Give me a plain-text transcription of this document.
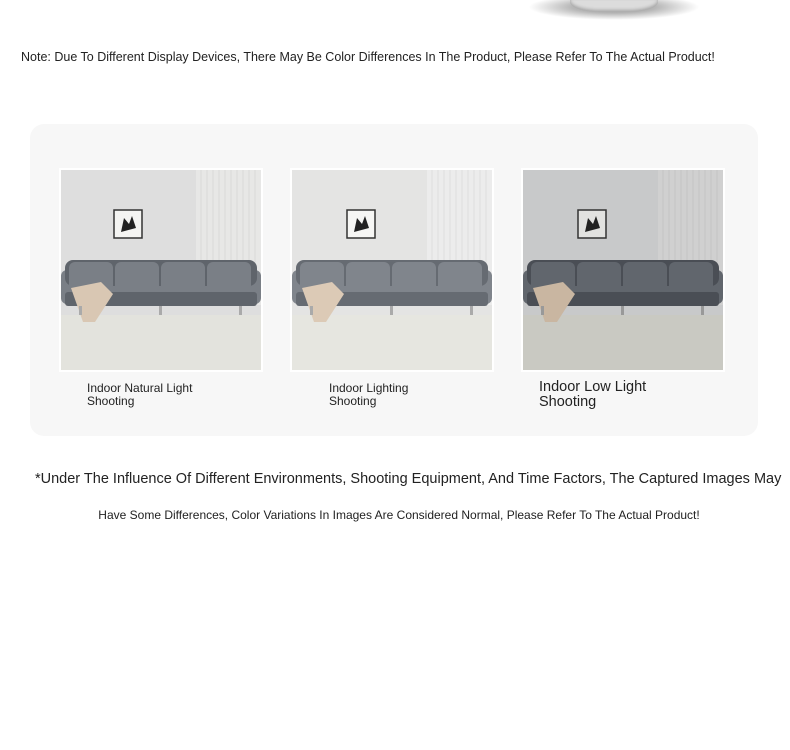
Note: Due To Different Display Devices, There May Be Color Differences In The Product, Please Refer To The Actual Product!
Indoor Natural Light
Shooting
Indoor Lighting
Shooting
Indoor Low Light
Shooting
*Under The Influence Of Different Environments, Shooting Equipment, And Time Factors, The Captured Images May
Have Some Differences, Color Variations In Images Are Considered Normal, Please Refer To The Actual Product!
